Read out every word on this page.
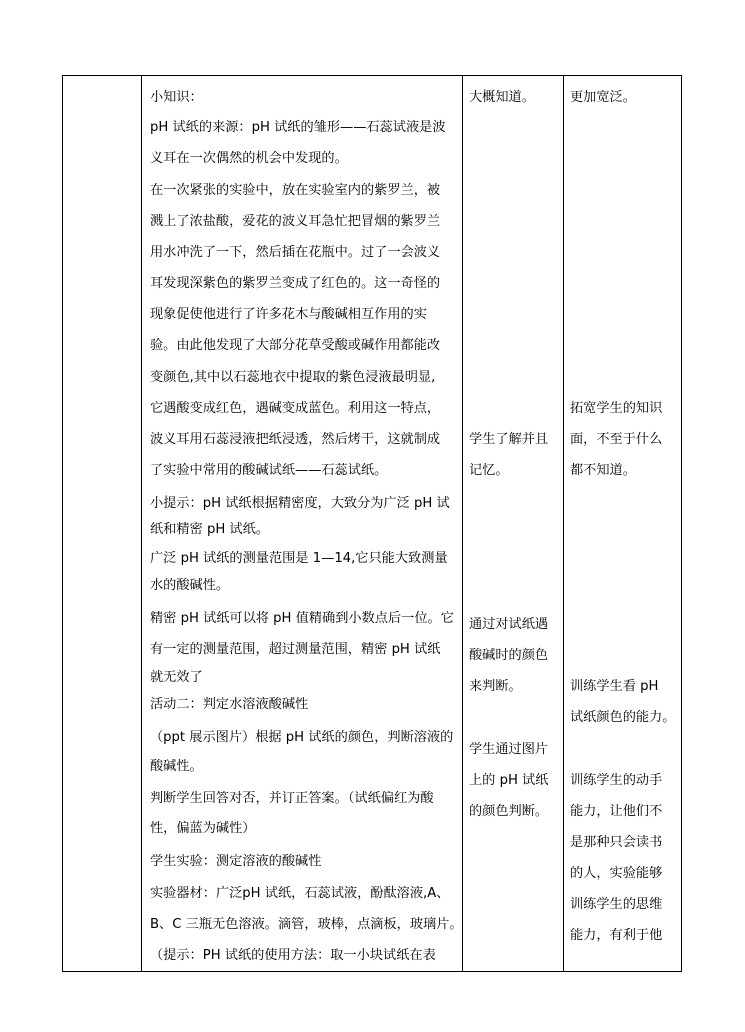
小知识：
pH 试纸的来源：pH 试纸的雏形——石蕊试液是波
义耳在一次偶然的机会中发现的。
在一次紧张的实验中，放在实验室内的紫罗兰，被
溅上了浓盐酸，爱花的波义耳急忙把冒烟的紫罗兰
用水冲洗了一下，然后插在花瓶中。过了一会波义
耳发现深紫色的紫罗兰变成了红色的。这一奇怪的
现象促使他进行了许多花木与酸碱相互作用的实
验。由此他发现了大部分花草受酸或碱作用都能改
变颜色,其中以石蕊地衣中提取的紫色浸液最明显,
它遇酸变成红色，遇碱变成蓝色。利用这一特点，
波义耳用石蕊浸液把纸浸透，然后烤干，这就制成
了实验中常用的酸碱试纸——石蕊试纸。
小提示：pH 试纸根据精密度，大致分为广泛 pH 试
纸和精密 pH 试纸。
广泛 pH 试纸的测量范围是 1—14,它只能大致测量
水的酸碱性。
精密 pH 试纸可以将 pH 值精确到小数点后一位。它
有一定的测量范围，超过测量范围，精密 pH 试纸
就无效了
活动二：判定水溶液酸碱性
（ppt 展示图片）根据 pH 试纸的颜色，判断溶液的
酸碱性。
判断学生回答对否，并订正答案。（试纸偏红为酸
性，偏蓝为碱性）
学生实验：测定溶液的酸碱性
实验器材：广泛pH 试纸，石蕊试液，酚酞溶液,A、
B、C 三瓶无色溶液。滴管，玻棒，点滴板，玻璃片。
（提示：PH 试纸的使用方法：取一小块试纸在表
大概知道。
学生了解并且
记忆。
通过对试纸遇
酸碱时的颜色
来判断。
学生通过图片
上的 pH 试纸
的颜色判断。
更加宽泛。
拓宽学生的知识
面，不至于什么
都不知道。
训练学生看 pH
试纸颜色的能力。
训练学生的动手
能力，让他们不
是那种只会读书
的人，实验能够
训练学生的思维
能力，有利于他
